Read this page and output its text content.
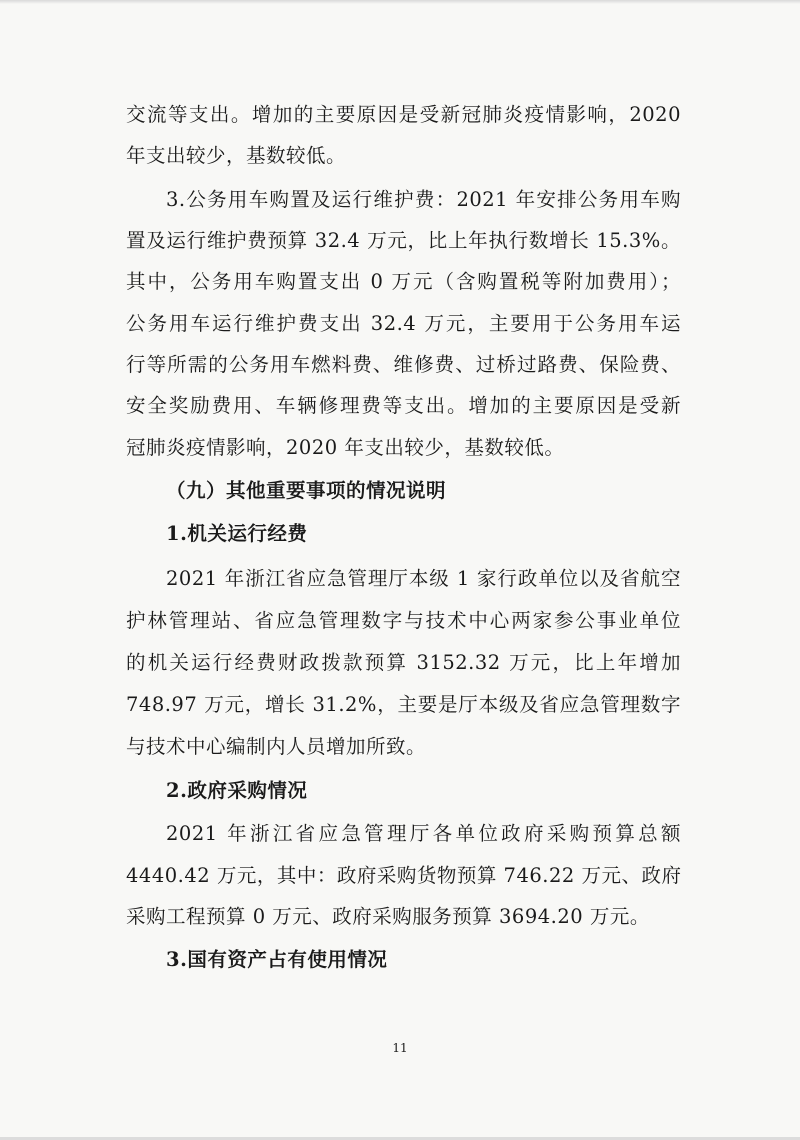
交流等支出。增加的主要原因是受新冠肺炎疫情影响，2020
年支出较少，基数较低。
3.公务用车购置及运行维护费：2021 年安排公务用车购
置及运行维护费预算 32.4 万元，比上年执行数增长 15.3%。
其中，公务用车购置支出 0 万元（含购置税等附加费用）；
公务用车运行维护费支出 32.4 万元，主要用于公务用车运
行等所需的公务用车燃料费、维修费、过桥过路费、保险费、
安全奖励费用、车辆修理费等支出。增加的主要原因是受新
冠肺炎疫情影响，2020 年支出较少，基数较低。
（九）其他重要事项的情况说明
1.机关运行经费
2021 年浙江省应急管理厅本级 1 家行政单位以及省航空
护林管理站、省应急管理数字与技术中心两家参公事业单位
的机关运行经费财政拨款预算 3152.32 万元，比上年增加
748.97 万元，增长 31.2%，主要是厅本级及省应急管理数字
与技术中心编制内人员增加所致。
2.政府采购情况
2021 年浙江省应急管理厅各单位政府采购预算总额
4440.42 万元，其中：政府采购货物预算 746.22 万元、政府
采购工程预算 0 万元、政府采购服务预算 3694.20 万元。
3.国有资产占有使用情况
11
